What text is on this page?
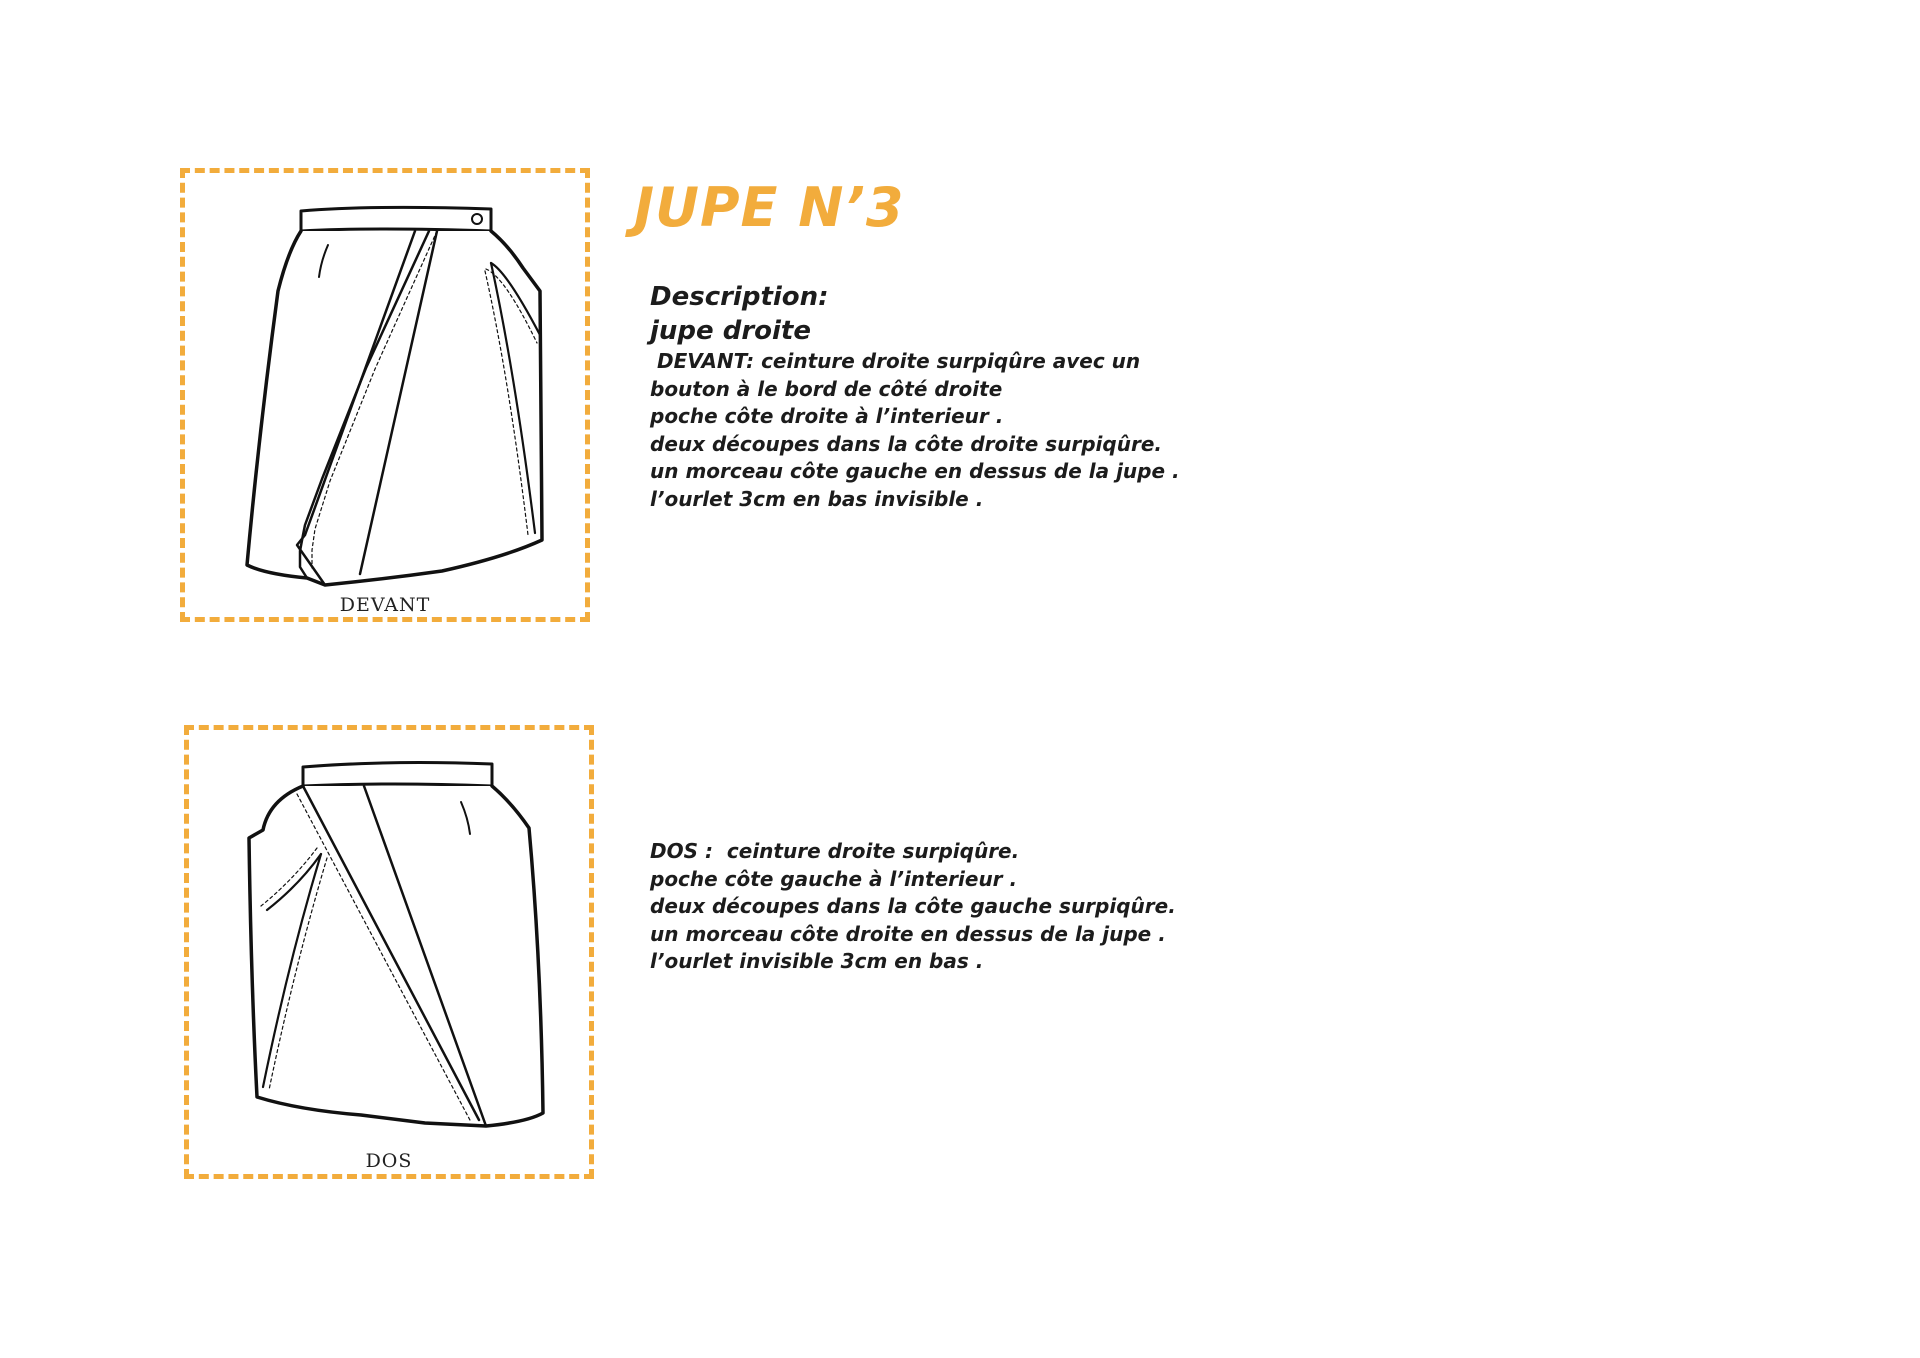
DEVANT
DOS
JUPE N’3
Description:
jupe droite
DEVANT: ceinture droite surpiqûre avec un
bouton à le bord de côté droite
poche côte droite à l’interieur .
deux découpes dans la côte droite surpiqûre.
un morceau côte gauche en dessus de la jupe .
l’ourlet 3cm en bas invisible .
DOS :  ceinture droite surpiqûre.
poche côte gauche à l’interieur .
deux découpes dans la côte gauche surpiqûre.
un morceau côte droite en dessus de la jupe .
l’ourlet invisible 3cm en bas .
